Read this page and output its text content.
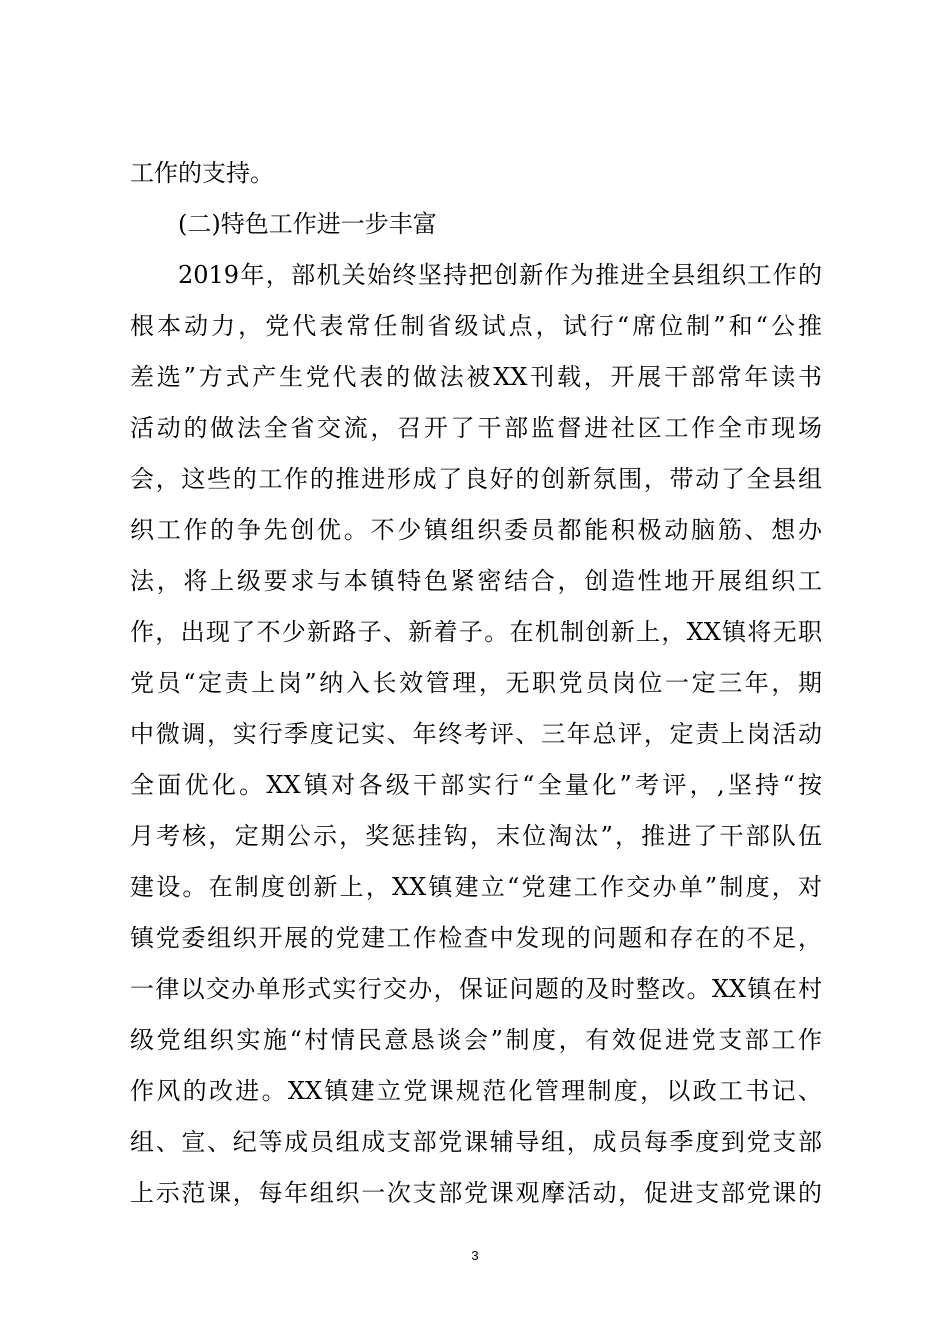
工作的支持。
(二)特色工作进一步丰富
2019年，部机关始终坚持把创新作为推进全县组织工作的
根本动力，党代表常任制省级试点，试行“席位制”和“公推
差选”方式产生党代表的做法被XX刊载，开展干部常年读书
活动的做法全省交流，召开了干部监督进社区工作全市现场
会，这些的工作的推进形成了良好的创新氛围，带动了全县组
织工作的争先创优。不少镇组织委员都能积极动脑筋、想办
法，将上级要求与本镇特色紧密结合，创造性地开展组织工
作，出现了不少新路子、新着子。在机制创新上，XX镇将无职
党员“定责上岗”纳入长效管理，无职党员岗位一定三年，期
中微调，实行季度记实、年终考评、三年总评，定责上岗活动
全面优化。XX镇对各级干部实行“全量化”考评，,坚持“按
月考核，定期公示，奖惩挂钩，末位淘汰”，推进了干部队伍
建设。在制度创新上，XX镇建立“党建工作交办单”制度，对
镇党委组织开展的党建工作检查中发现的问题和存在的不足，
一律以交办单形式实行交办，保证问题的及时整改。XX镇在村
级党组织实施“村情民意恳谈会”制度，有效促进党支部工作
作风的改进。XX镇建立党课规范化管理制度，以政工书记、
组、宣、纪等成员组成支部党课辅导组，成员每季度到党支部
上示范课，每年组织一次支部党课观摩活动，促进支部党课的
3
